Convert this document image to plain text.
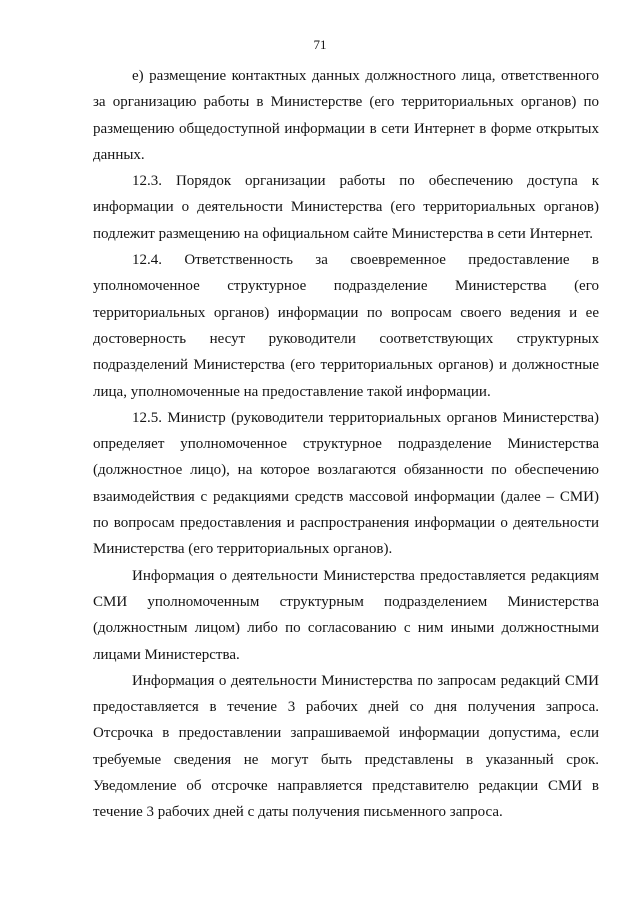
71

е) размещение контактных данных должностного лица, ответственного за организацию работы в Министерстве (его территориальных органов) по размещению общедоступной информации в сети Интернет в форме открытых данных.

12.3. Порядок организации работы по обеспечению доступа к информации о деятельности Министерства (его территориальных органов) подлежит размещению на официальном сайте Министерства в сети Интернет.

12.4. Ответственность за своевременное предоставление в уполномоченное структурное подразделение Министерства (его территориальных органов) информации по вопросам своего ведения и ее достоверность несут руководители соответствующих структурных подразделений Министерства (его территориальных органов) и должностные лица, уполномоченные на предоставление такой информации.

12.5. Министр (руководители территориальных органов Министерства) определяет уполномоченное структурное подразделение Министерства (должностное лицо), на которое возлагаются обязанности по обеспечению взаимодействия с редакциями средств массовой информации (далее – СМИ) по вопросам предоставления и распространения информации о деятельности Министерства (его территориальных органов).

Информация о деятельности Министерства предоставляется редакциям СМИ уполномоченным структурным подразделением Министерства (должностным лицом) либо по согласованию с ним иными должностными лицами Министерства.

Информация о деятельности Министерства по запросам редакций СМИ предоставляется в течение 3 рабочих дней со дня получения запроса. Отсрочка в предоставлении запрашиваемой информации допустима, если требуемые сведения не могут быть представлены в указанный срок. Уведомление об отсрочке направляется представителю редакции СМИ в течение 3 рабочих дней с даты получения письменного запроса.
